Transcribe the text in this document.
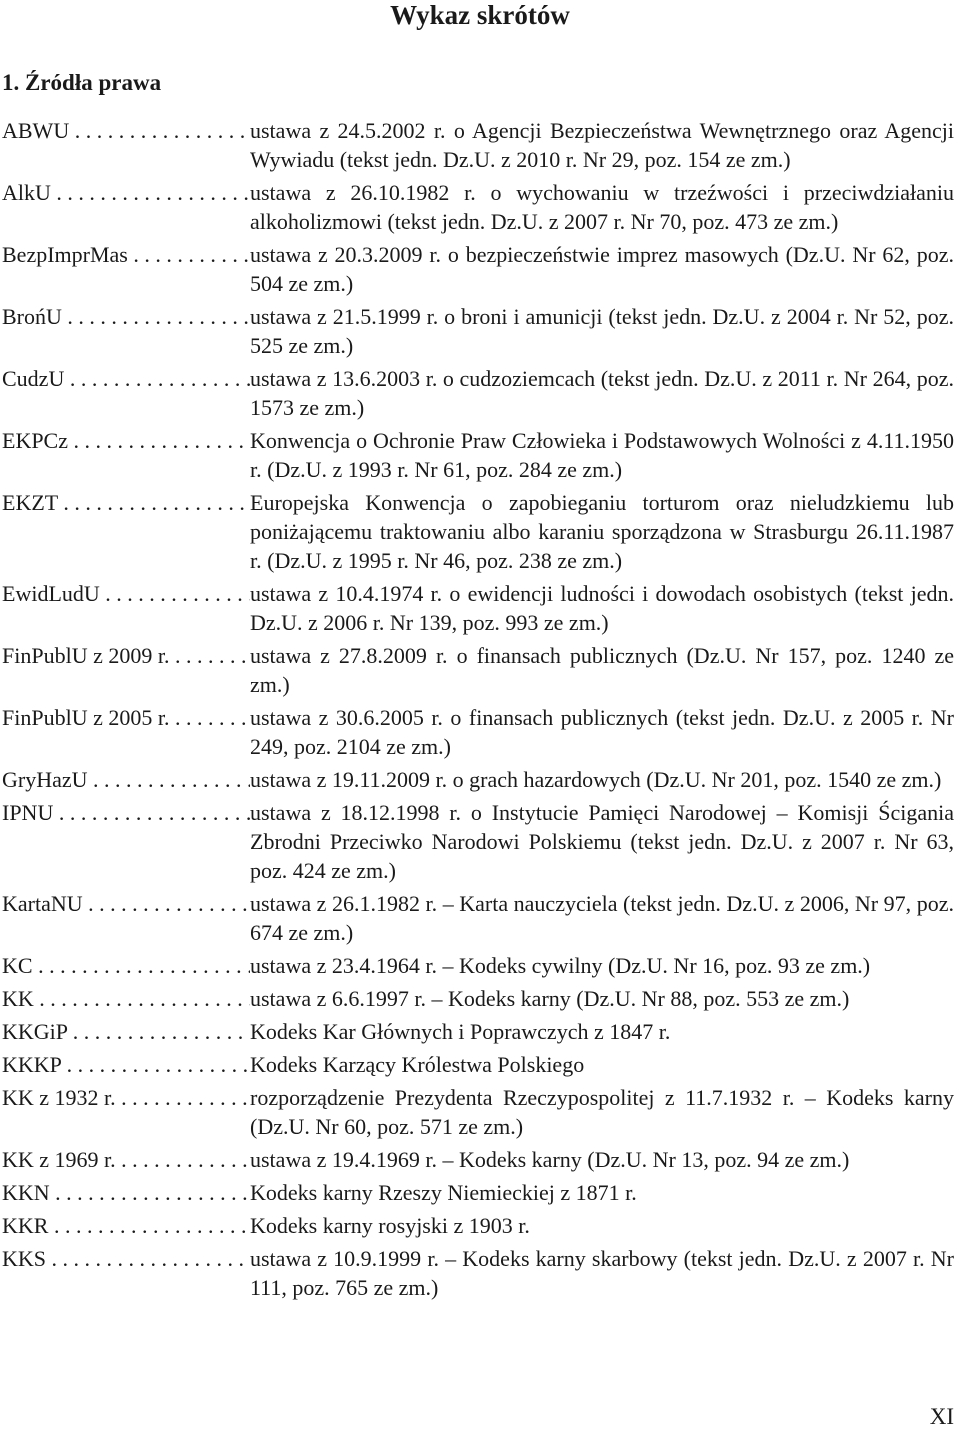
Wykaz skrótów
1. Źródła prawa
ABWU . . .	ustawa z 24.5.2002 r. o Agencji Bezpieczeństwa Wewnętrznego oraz Agencji Wywiadu (tekst jedn. Dz.U. z 2010 r. Nr 29, poz. 154 ze zm.)
AlkU . . .	ustawa z 26.10.1982 r. o wychowaniu w trzeźwości i przeciwdziałaniu alkoholizmowi (tekst jedn. Dz.U. z 2007 r. Nr 70, poz. 473 ze zm.)
BezpImprMas . . .	ustawa z 20.3.2009 r. o bezpieczeństwie imprez masowych (Dz.U. Nr 62, poz. 504 ze zm.)
BrońU . . .	ustawa z 21.5.1999 r. o broni i amunicji (tekst jedn. Dz.U. z 2004 r. Nr 52, poz. 525 ze zm.)
CudzU . . .	ustawa z 13.6.2003 r. o cudzoziemcach (tekst jedn. Dz.U. z 2011 r. Nr 264, poz. 1573 ze zm.)
EKPCz . . .	Konwencja o Ochronie Praw Człowieka i Podstawowych Wolności z 4.11.1950 r. (Dz.U. z 1993 r. Nr 61, poz. 284 ze zm.)
EKZT . . .	Europejska Konwencja o zapobieganiu torturom oraz nieludzkiemu lub poniżającemu traktowaniu albo karaniu sporządzona w Strasburgu 26.11.1987 r. (Dz.U. z 1995 r. Nr 46, poz. 238 ze zm.)
EwidLudU . . .	ustawa z 10.4.1974 r. o ewidencji ludności i dowodach osobistych (tekst jedn. Dz.U. z 2006 r. Nr 139, poz. 993 ze zm.)
FinPublU z 2009 r. . . .	ustawa z 27.8.2009 r. o finansach publicznych (Dz.U. Nr 157, poz. 1240 ze zm.)
FinPublU z 2005 r. . . .	ustawa z 30.6.2005 r. o finansach publicznych (tekst jedn. Dz.U. z 2005 r. Nr 249, poz. 2104 ze zm.)
GryHazU . . .	ustawa z 19.11.2009 r. o grach hazardowych (Dz.U. Nr 201, poz. 1540 ze zm.)
IPNU . . .	ustawa z 18.12.1998 r. o Instytucie Pamięci Narodowej – Komisji Ścigania Zbrodni Przeciwko Narodowi Polskiemu (tekst jedn. Dz.U. z 2007 r. Nr 63, poz. 424 ze zm.)
KartaNU . . .	ustawa z 26.1.1982 r. – Karta nauczyciela (tekst jedn. Dz.U. z 2006, Nr 97, poz. 674 ze zm.)
KC . . .	ustawa z 23.4.1964 r. – Kodeks cywilny (Dz.U. Nr 16, poz. 93 ze zm.)
KK . . .	ustawa z 6.6.1997 r. – Kodeks karny (Dz.U. Nr 88, poz. 553 ze zm.)
KKGiP . . .	Kodeks Kar Głównych i Poprawczych z 1847 r.
KKKP . . .	Kodeks Karzący Królestwa Polskiego
KK z 1932 r. . . .	rozporządzenie Prezydenta Rzeczypospolitej z 11.7.1932 r. – Kodeks karny (Dz.U. Nr 60, poz. 571 ze zm.)
KK z 1969 r. . . .	ustawa z 19.4.1969 r. – Kodeks karny (Dz.U. Nr 13, poz. 94 ze zm.)
KKN . . .	Kodeks karny Rzeszy Niemieckiej z 1871 r.
KKR . . .	Kodeks karny rosyjski z 1903 r.
KKS . . .	ustawa z 10.9.1999 r. – Kodeks karny skarbowy (tekst jedn. Dz.U. z 2007 r. Nr 111, poz. 765 ze zm.)

XI
